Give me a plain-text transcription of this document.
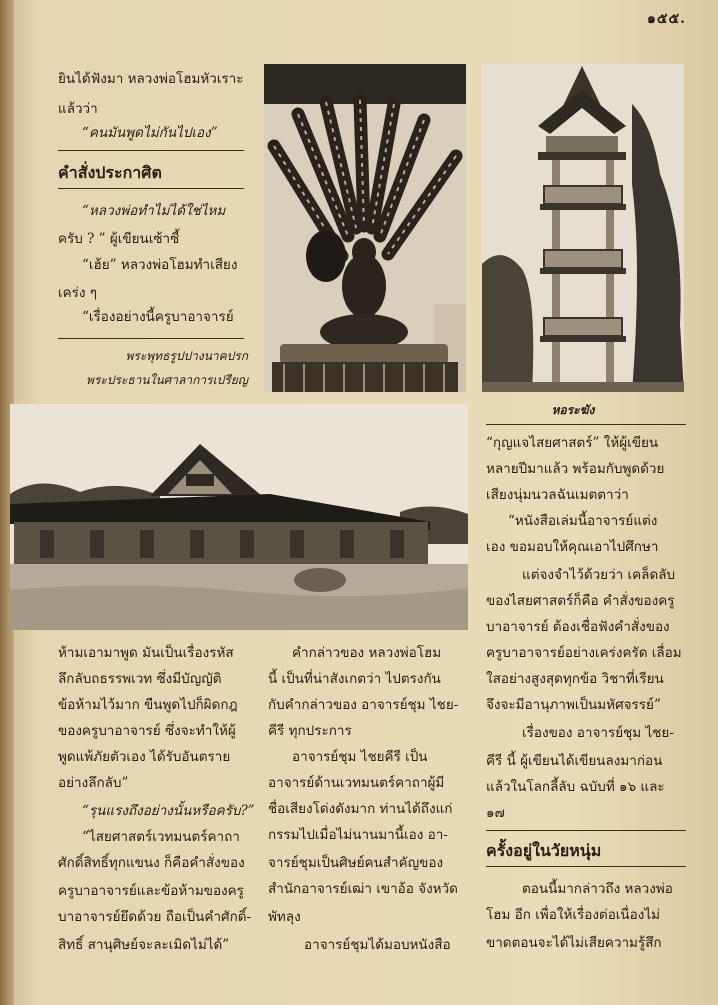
๑๕๕.
ยินได้ฟังมา หลวงพ่อโฮมหัวเราะ
แล้วว่า
“คนมันพูดไม่กันไปเอง”
คำสั่งประกาศิต
“หลวงพ่อทำไม่ได้ใช่ไหม
ครับ ? ” ผู้เขียนเซ้าซี้
“เฮ้ย” หลวงพ่อโฮมทำเสียง
เคร่ง ๆ
“เรื่องอย่างนี้ครูบาอาจารย์
พระพุทธรูปปางนาคปรก
พระประธานในศาลาการเปรียญ
หอระฆัง
“กุญแจไสยศาสตร์” ให้ผู้เขียน
หลายปีมาแล้ว พร้อมกับพูดด้วย
เสียงนุ่มนวลฉันเมตตาว่า
“หนังสือเล่มนี้อาจารย์แต่ง
เอง ขอมอบให้คุณเอาไปศึกษา
แต่จงจำไว้ด้วยว่า เคล็ดลับ
ของไสยศาสตร์ก็คือ คำสั่งของครู
บาอาจารย์ ต้องเชื่อฟังคำสั่งของ
ครูบาอาจารย์อย่างเคร่งครัด เลื่อม
ใสอย่างสูงสุดทุกข้อ วิชาที่เรียน
จึงจะมีอานุภาพเป็นมหัศจรรย์”
เรื่องของ อาจารย์ชุม ไชย-
คีรี นี้ ผู้เขียนได้เขียนลงมาก่อน
แล้วในโลกลี้ลับ ฉบับที่ ๑๖ และ
๑๗
ครั้งอยู่ในวัยหนุ่ม
ตอนนี้มากล่าวถึง หลวงพ่อ
โฮม อีก เพื่อให้เรื่องต่อเนื่องไม่
ขาดตอนจะได้ไม่เสียความรู้สึก
ห้ามเอามาพูด มันเป็นเรื่องรหัส
ลึกลับถธรรพเวท ซึ่งมีบัญญัติ
ข้อห้ามไว้มาก ขืนพูดไปก็ผิดกฎ
ของครูบาอาจารย์ ซึ่งจะทำให้ผู้
พูดแพ้ภัยตัวเอง ได้รับอันตราย
อย่างลึกลับ”
“รุนแรงถึงอย่างนั้นหรือครับ?”
“ไสยศาสตร์เวทมนตร์คาถา
ศักดิ์สิทธิ์ทุกแขนง ก็คือคำสั่งของ
ครูบาอาจารย์และข้อห้ามของครู
บาอาจารย์ยึดด้วย ถือเป็นคำศักดิ์-
สิทธิ์ สานุศิษย์จะละเมิดไม่ได้”
คำกล่าวของ หลวงพ่อโฮม
นี้ เป็นที่น่าสังเกตว่า ไปตรงกัน
กับคำกล่าวของ อาจารย์ชุม ไชย-
คีรี ทุกประการ
อาจารย์ชุม ไชยคีรี เป็น
อาจารย์ด้านเวทมนตร์คาถาผู้มี
ชื่อเสียงโด่งดังมาก ท่านได้ถึงแก่
กรรมไปเมื่อไม่นานมานี้เอง อา-
จารย์ชุมเป็นศิษย์คนสำคัญของ
สำนักอาจารย์เฒ่า เขาอ้อ จังหวัด
พัทลุง
อาจารย์ชุมได้มอบหนังสือ
